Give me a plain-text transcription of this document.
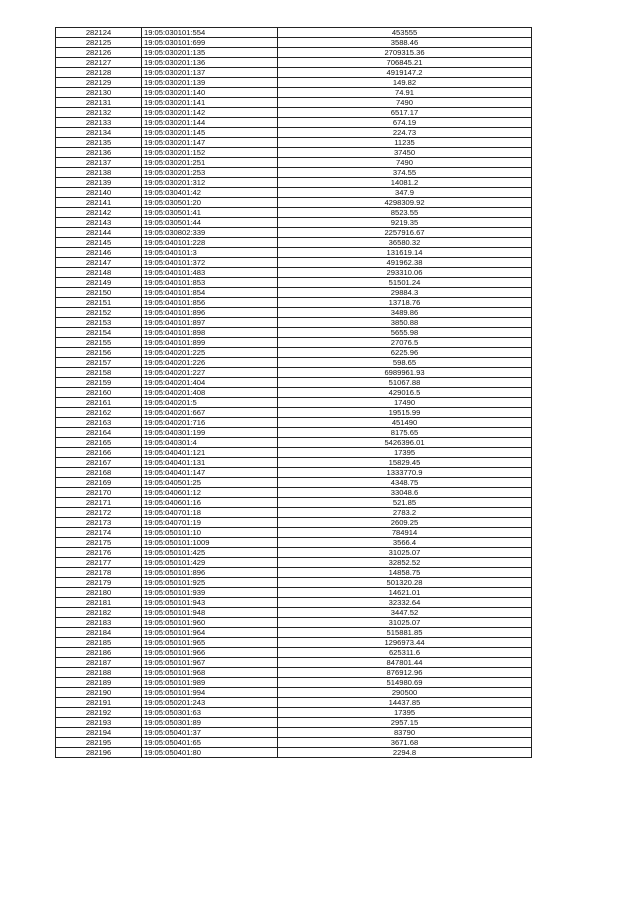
282124	19:05:030101:554	453555
282125	19:05:030101:699	3588.46
282126	19:05:030201:135	2709315.36
282127	19:05:030201:136	706845.21
282128	19:05:030201:137	4919147.2
282129	19:05:030201:139	149.82
282130	19:05:030201:140	74.91
282131	19:05:030201:141	7490
282132	19:05:030201:142	6517.17
282133	19:05:030201:144	674.19
282134	19:05:030201:145	224.73
282135	19:05:030201:147	11235
282136	19:05:030201:152	37450
282137	19:05:030201:251	7490
282138	19:05:030201:253	374.55
282139	19:05:030201:312	14081.2
282140	19:05:030401:42	347.9
282141	19:05:030501:20	4298309.92
282142	19:05:030501:41	8523.55
282143	19:05:030501:44	9219.35
282144	19:05:030802:339	2257916.67
282145	19:05:040101:228	36580.32
282146	19:05:040101:3	131619.14
282147	19:05:040101:372	491962.38
282148	19:05:040101:483	293310.06
282149	19:05:040101:853	51501.24
282150	19:05:040101:854	29884.3
282151	19:05:040101:856	13718.76
282152	19:05:040101:896	3489.86
282153	19:05:040101:897	3850.88
282154	19:05:040101:898	5655.98
282155	19:05:040101:899	27076.5
282156	19:05:040201:225	6225.96
282157	19:05:040201:226	598.65
282158	19:05:040201:227	6989961.93
282159	19:05:040201:404	51067.88
282160	19:05:040201:408	429016.5
282161	19:05:040201:5	17490
282162	19:05:040201:667	19515.99
282163	19:05:040201:716	451490
282164	19:05:040301:199	8175.65
282165	19:05:040301:4	5426396.01
282166	19:05:040401:121	17395
282167	19:05:040401:131	15829.45
282168	19:05:040401:147	1333770.9
282169	19:05:040501:25	4348.75
282170	19:05:040601:12	33048.6
282171	19:05:040601:16	521.85
282172	19:05:040701:18	2783.2
282173	19:05:040701:19	2609.25
282174	19:05:050101:10	784914
282175	19:05:050101:1009	3566.4
282176	19:05:050101:425	31025.07
282177	19:05:050101:429	32852.52
282178	19:05:050101:896	14858.75
282179	19:05:050101:925	501320.28
282180	19:05:050101:939	14621.01
282181	19:05:050101:943	32332.64
282182	19:05:050101:948	3447.52
282183	19:05:050101:960	31025.07
282184	19:05:050101:964	515881.85
282185	19:05:050101:965	1296973.44
282186	19:05:050101:966	625311.6
282187	19:05:050101:967	847801.44
282188	19:05:050101:968	876912.96
282189	19:05:050101:989	514980.69
282190	19:05:050101:994	290500
282191	19:05:050201:243	14437.85
282192	19:05:050301:63	17395
282193	19:05:050301:89	2957.15
282194	19:05:050401:37	83790
282195	19:05:050401:65	3671.68
282196	19:05:050401:80	2294.8
